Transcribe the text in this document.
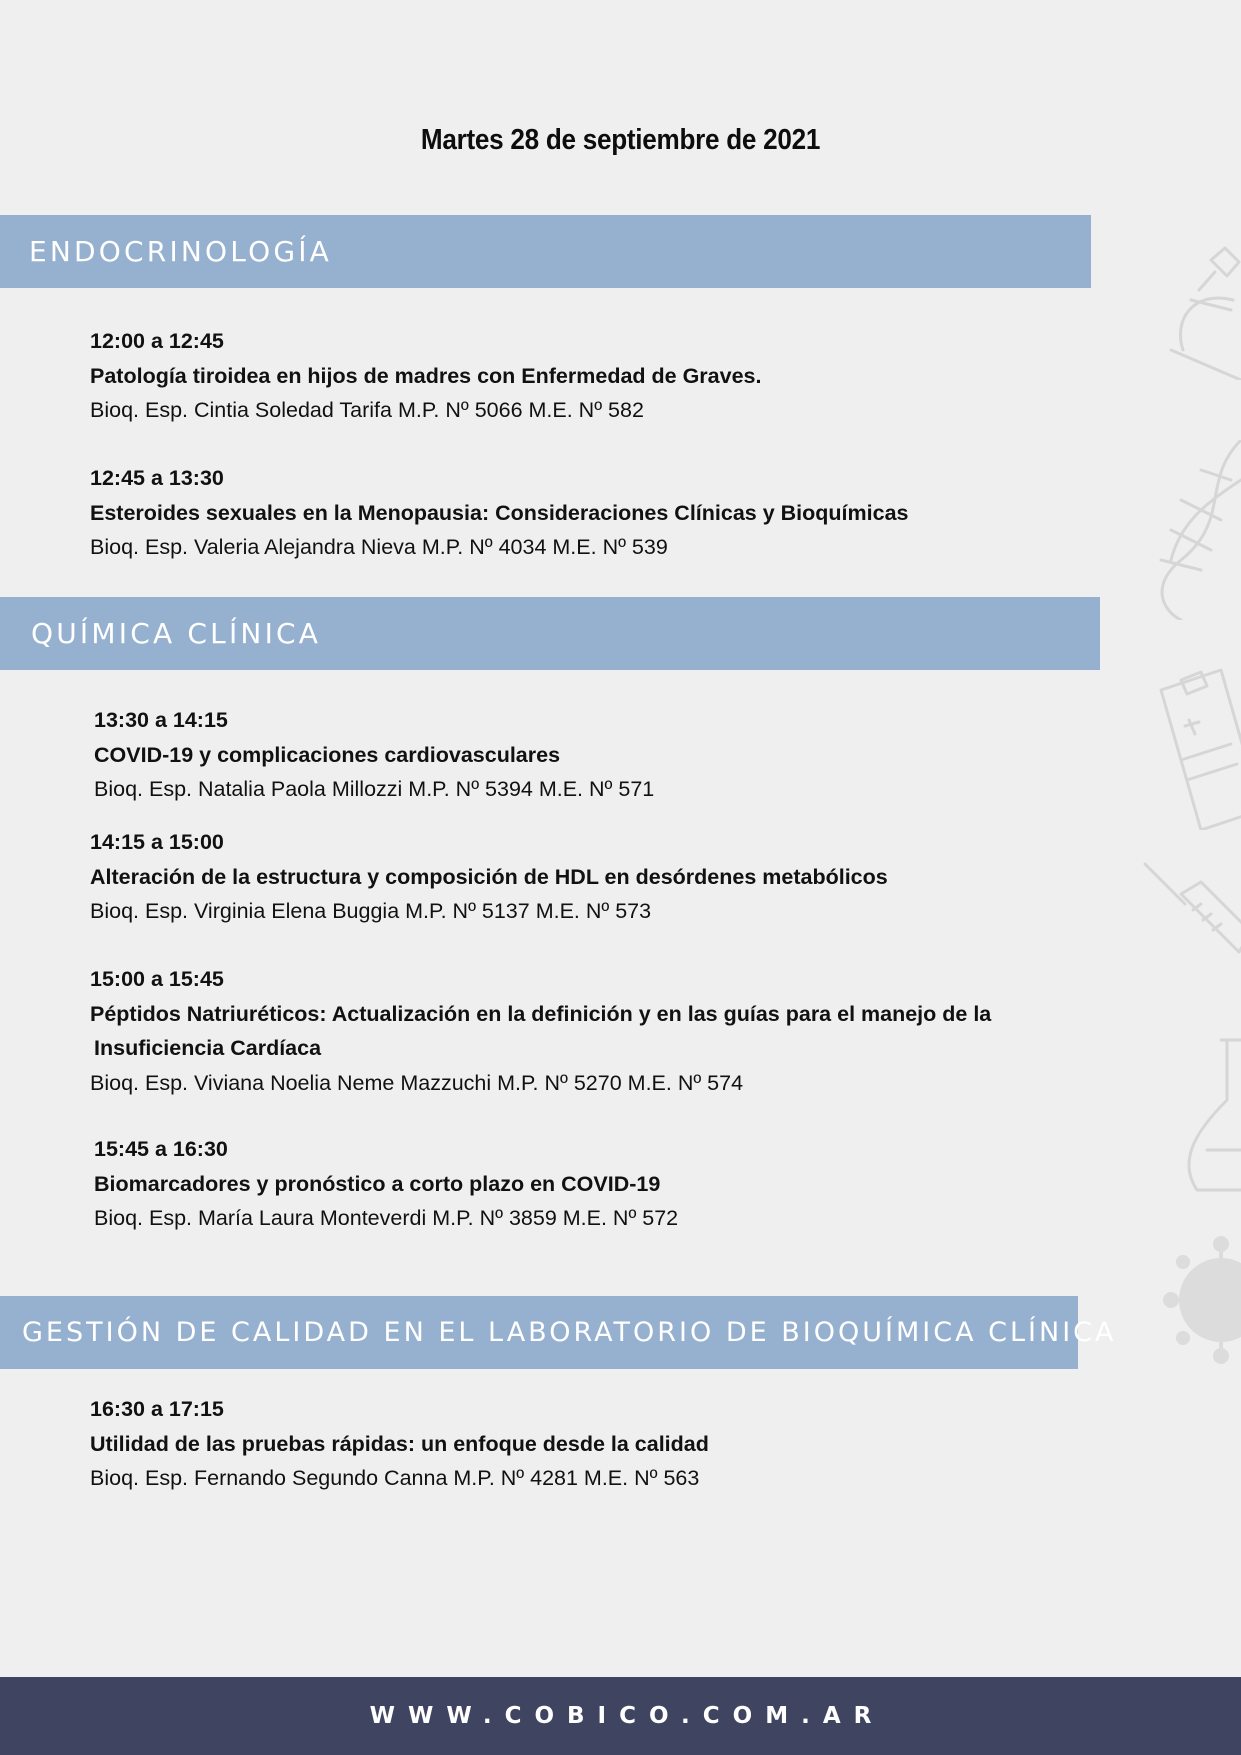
Martes 28 de septiembre de 2021
ENDOCRINOLOGÍA
12:00 a 12:45
Patología tiroidea en hijos de madres con Enfermedad de Graves.
Bioq. Esp. Cintia Soledad Tarifa M.P. Nº 5066 M.E. Nº 582
12:45 a 13:30
Esteroides sexuales en la Menopausia: Consideraciones Clínicas y Bioquímicas
Bioq. Esp. Valeria Alejandra Nieva M.P. Nº 4034 M.E. Nº 539
QUÍMICA CLÍNICA
13:30 a 14:15
COVID-19 y complicaciones cardiovasculares
Bioq. Esp. Natalia Paola Millozzi M.P. Nº 5394 M.E. Nº 571
14:15 a 15:00
Alteración de la estructura y composición de HDL en desórdenes metabólicos
Bioq. Esp. Virginia Elena Buggia M.P. Nº 5137 M.E. Nº 573
15:00 a 15:45
Péptidos Natriuréticos: Actualización en la definición y en las guías para el manejo de la
Insuficiencia Cardíaca
Bioq. Esp. Viviana Noelia Neme Mazzuchi M.P. Nº 5270 M.E. Nº 574
15:45 a 16:30
Biomarcadores y pronóstico a corto plazo en COVID-19
Bioq. Esp. María Laura Monteverdi M.P. Nº 3859 M.E. Nº 572
GESTIÓN DE CALIDAD EN EL LABORATORIO DE BIOQUÍMICA CLÍNICA
16:30 a 17:15
Utilidad de las pruebas rápidas: un enfoque desde la calidad
Bioq. Esp. Fernando Segundo Canna M.P. Nº 4281 M.E. Nº 563
WWW.COBICO.COM.AR
